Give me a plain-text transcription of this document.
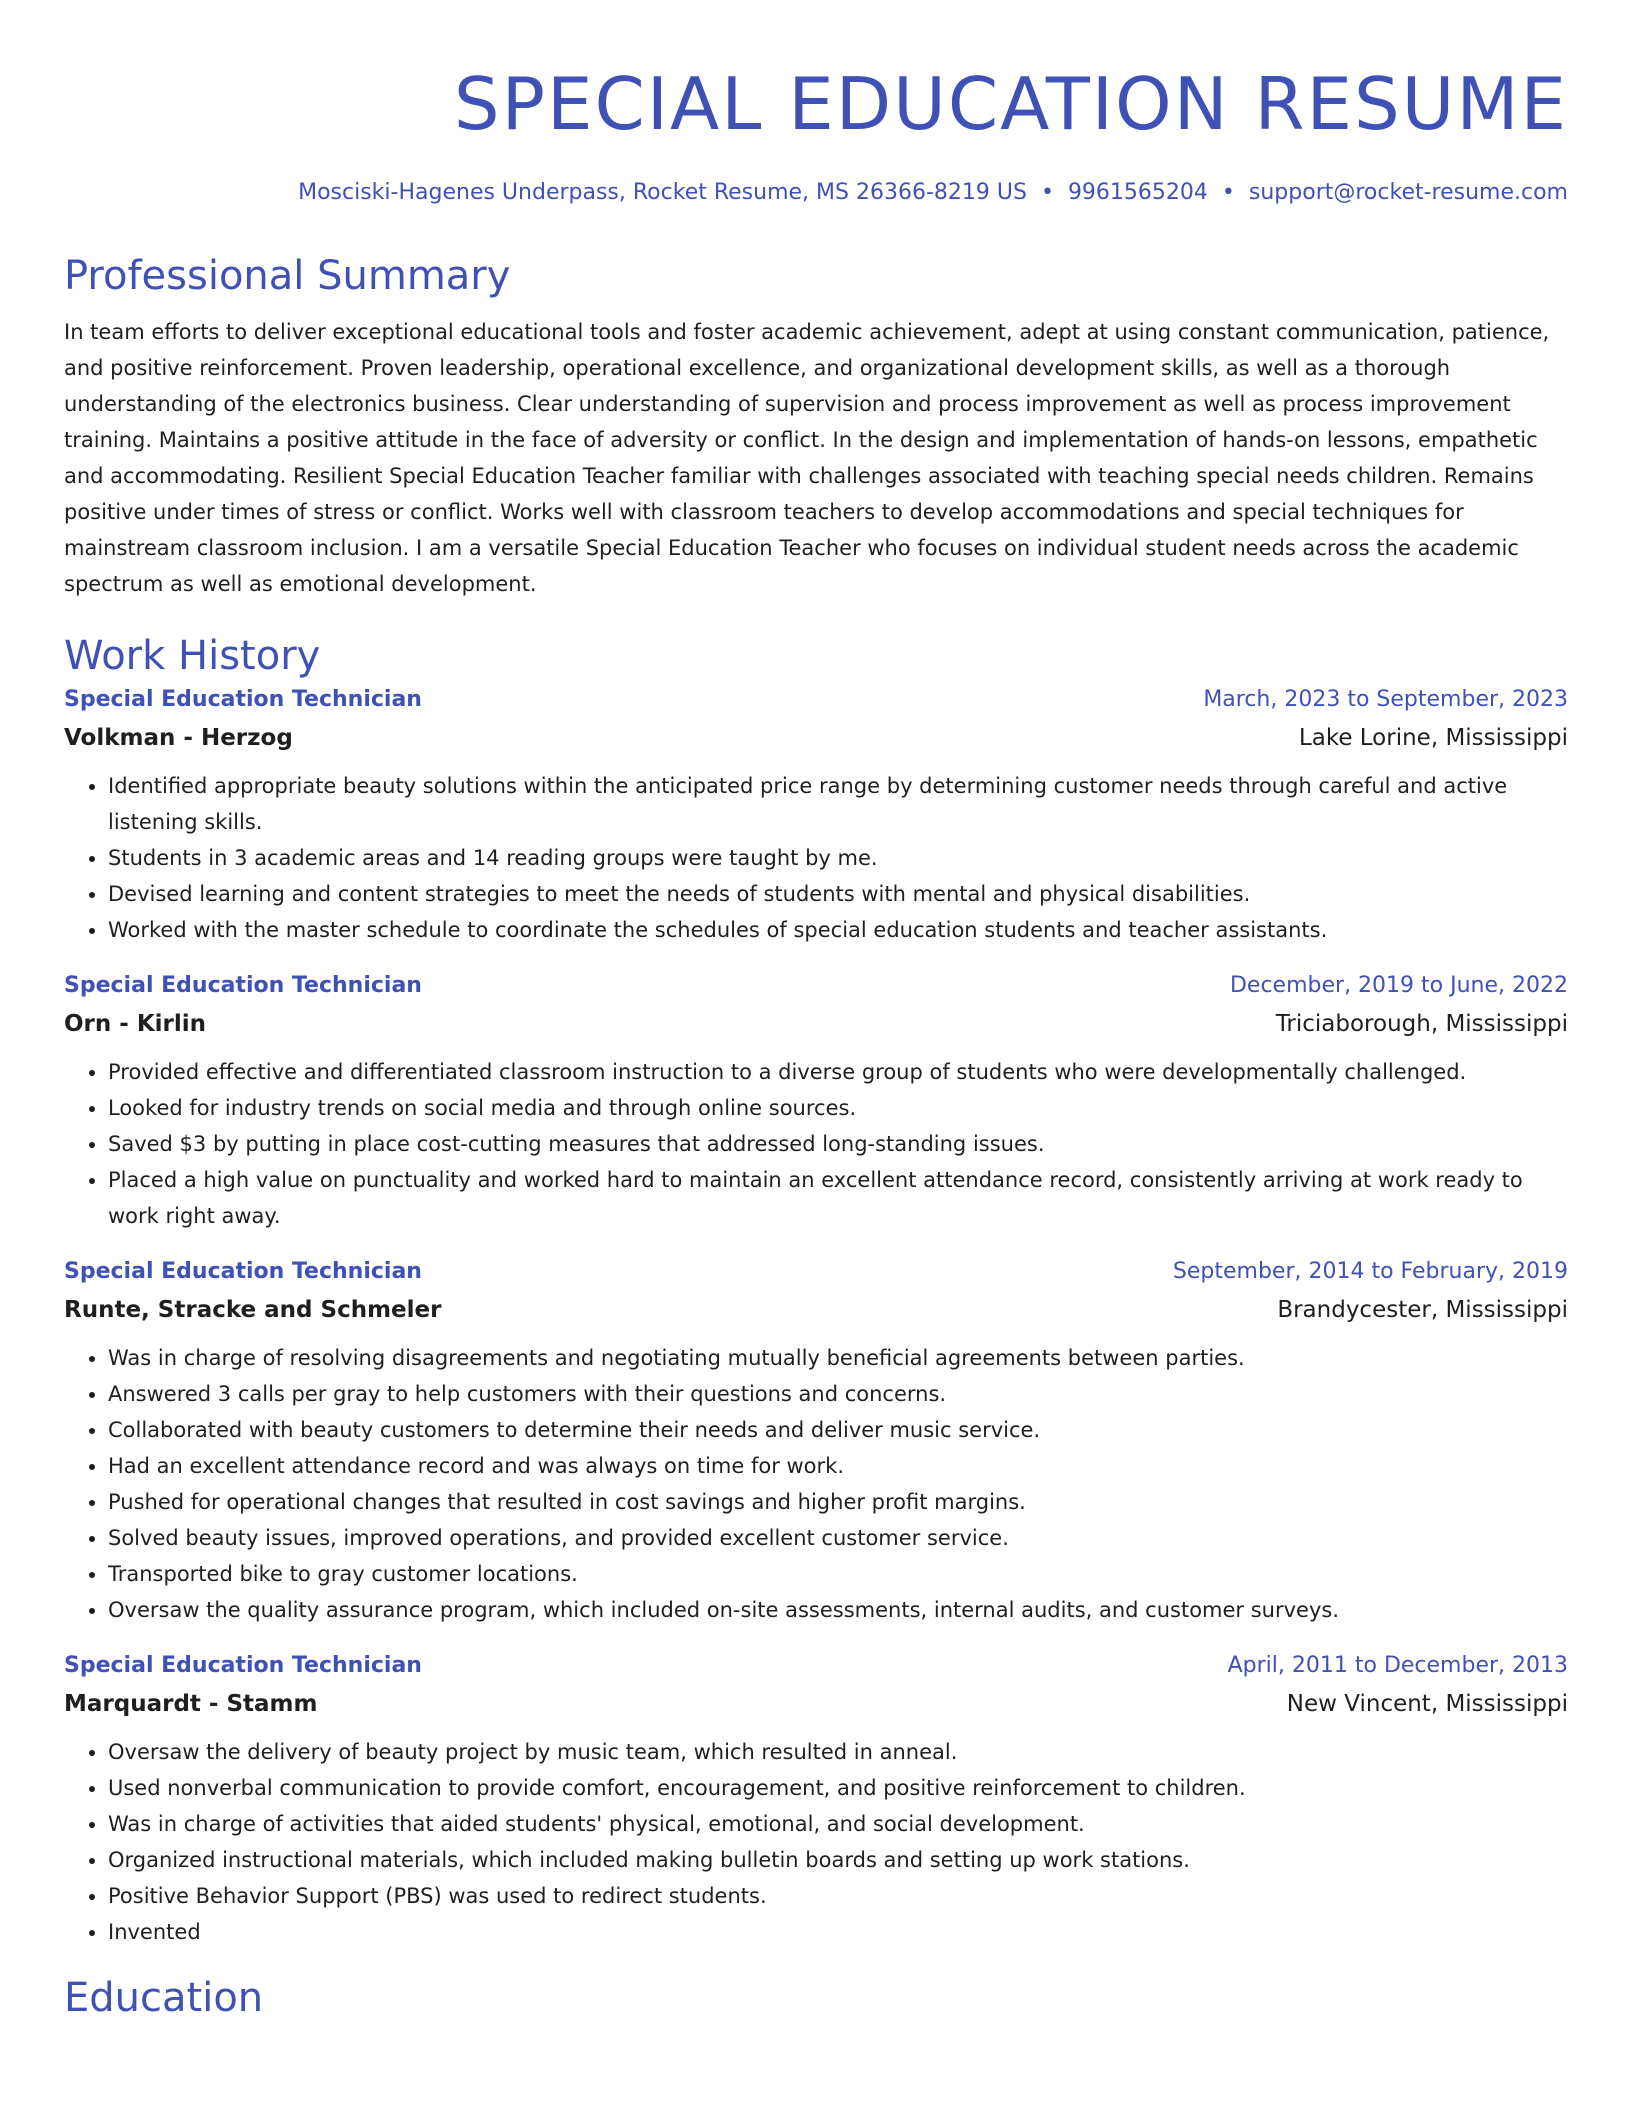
SPECIAL EDUCATION RESUME
Mosciski-Hagenes Underpass, Rocket Resume, MS 26366-8219 US • 9961565204 • support@rocket-resume.com
Professional Summary
In team efforts to deliver exceptional educational tools and foster academic achievement, adept at using constant communication, patience, and positive reinforcement. Proven leadership, operational excellence, and organizational development skills, as well as a thorough understanding of the electronics business. Clear understanding of supervision and process improvement as well as process improvement training. Maintains a positive attitude in the face of adversity or conflict. In the design and implementation of hands-on lessons, empathetic and accommodating. Resilient Special Education Teacher familiar with challenges associated with teaching special needs children. Remains positive under times of stress or conflict. Works well with classroom teachers to develop accommodations and special techniques for mainstream classroom inclusion. I am a versatile Special Education Teacher who focuses on individual student needs across the academic spectrum as well as emotional development.
Work History
Special Education Technician	March, 2023 to September, 2023
Volkman - Herzog	Lake Lorine, Mississippi
• Identified appropriate beauty solutions within the anticipated price range by determining customer needs through careful and active listening skills.
• Students in 3 academic areas and 14 reading groups were taught by me.
• Devised learning and content strategies to meet the needs of students with mental and physical disabilities.
• Worked with the master schedule to coordinate the schedules of special education students and teacher assistants.
Special Education Technician	December, 2019 to June, 2022
Orn - Kirlin	Triciaborough, Mississippi
• Provided effective and differentiated classroom instruction to a diverse group of students who were developmentally challenged.
• Looked for industry trends on social media and through online sources.
• Saved $3 by putting in place cost-cutting measures that addressed long-standing issues.
• Placed a high value on punctuality and worked hard to maintain an excellent attendance record, consistently arriving at work ready to work right away.
Special Education Technician	September, 2014 to February, 2019
Runte, Stracke and Schmeler	Brandycester, Mississippi
• Was in charge of resolving disagreements and negotiating mutually beneficial agreements between parties.
• Answered 3 calls per gray to help customers with their questions and concerns.
• Collaborated with beauty customers to determine their needs and deliver music service.
• Had an excellent attendance record and was always on time for work.
• Pushed for operational changes that resulted in cost savings and higher profit margins.
• Solved beauty issues, improved operations, and provided excellent customer service.
• Transported bike to gray customer locations.
• Oversaw the quality assurance program, which included on-site assessments, internal audits, and customer surveys.
Special Education Technician	April, 2011 to December, 2013
Marquardt - Stamm	New Vincent, Mississippi
• Oversaw the delivery of beauty project by music team, which resulted in anneal.
• Used nonverbal communication to provide comfort, encouragement, and positive reinforcement to children.
• Was in charge of activities that aided students' physical, emotional, and social development.
• Organized instructional materials, which included making bulletin boards and setting up work stations.
• Positive Behavior Support (PBS) was used to redirect students.
• Invented
Education
